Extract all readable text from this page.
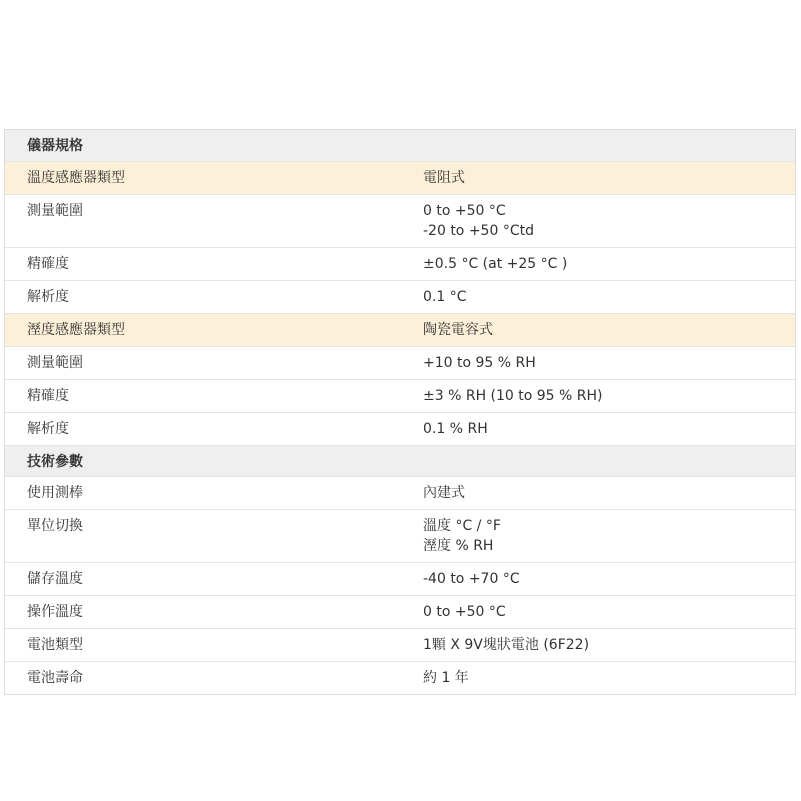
儀器規格
溫度感應器類型	電阻式
測量範圍	0 to +50 °C
-20 to +50 °Ctd
精確度	±0.5 °C (at +25 °C )
解析度	0.1 °C
溼度感應器類型	陶瓷電容式
測量範圍	+10 to 95 % RH
精確度	±3 % RH (10 to 95 % RH)
解析度	0.1 % RH
技術參數
使用測棒	內建式
單位切換	溫度 °C / °F
溼度 % RH
儲存溫度	-40 to +70 °C
操作溫度	0 to +50 °C
電池類型	1顆 X 9V塊狀電池 (6F22)
電池壽命	約 1 年
